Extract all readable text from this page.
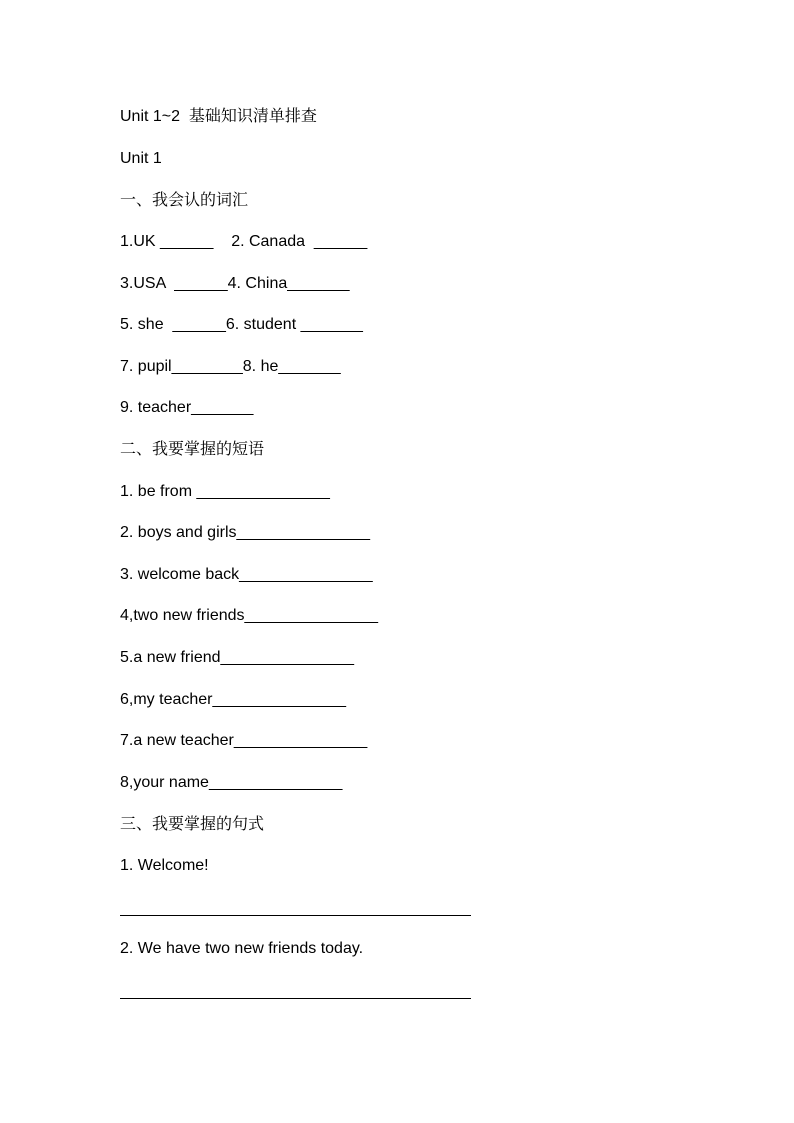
Unit 1~2  基础知识清单排查
Unit 1
一、我会认的词汇
1.UK ______    2. Canada  ______
3.USA  ______4. China_______
5. she  ______6. student _______
7. pupil________8. he_______
9. teacher_______
二、我要掌握的短语
1. be from _______________
2. boys and girls_______________
3. welcome back_______________
4,two new friends_______________
5.a new friend_______________
6,my teacher_______________
7.a new teacher_______________
8,your name_______________
三、我要掌握的句式
1. Welcome!
2. We have two new friends today.
